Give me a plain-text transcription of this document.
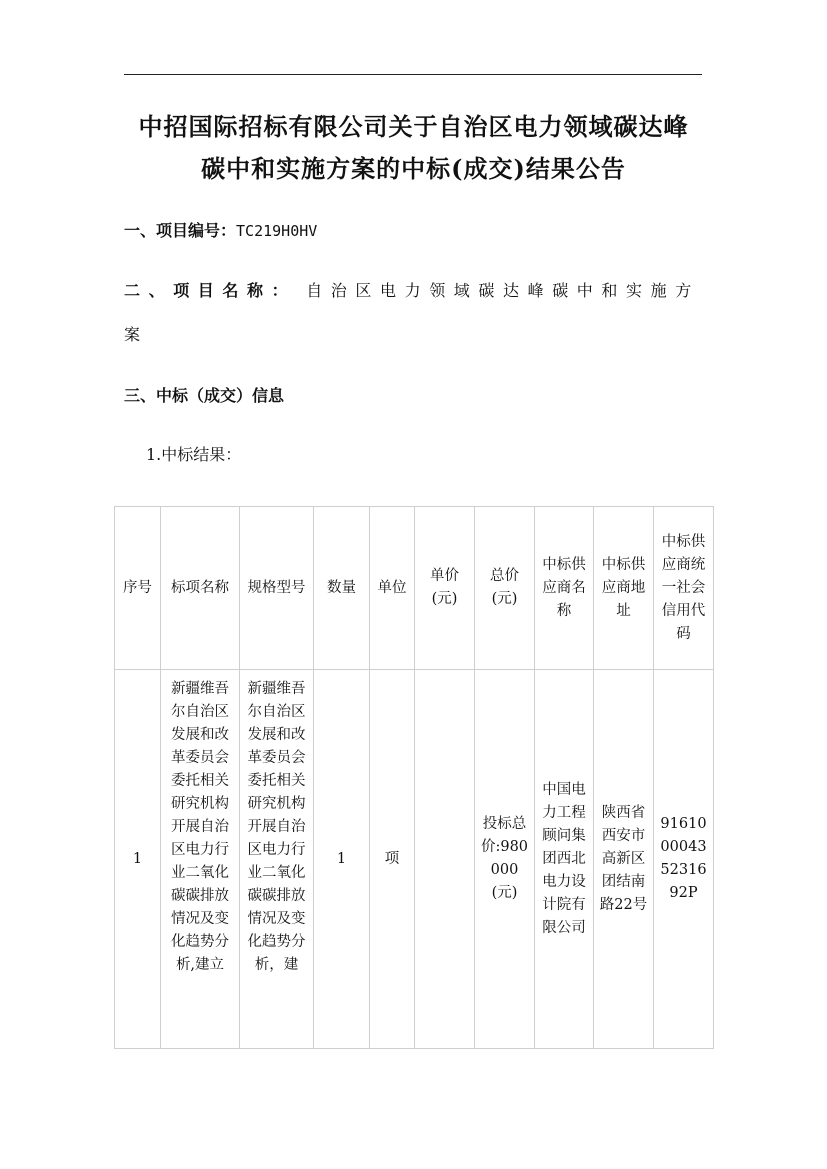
中招国际招标有限公司关于自治区电力领域碳达峰
碳中和实施方案的中标(成交)结果公告
一、项目编号：TC219H0HV
二、项目名称： 自治区电力领域碳达峰碳中和实施方
案
三、中标（成交）信息
1.中标结果：
序号	标项名称	规格型号	数量	单位	单价(元)	总价(元)	中标供应商名称	中标供应商地址	中标供应商统一社会信用代码
1	新疆维吾尔自治区发展和改革委员会委托相关研究机构开展自治区电力行业二氧化碳碳排放情况及变化趋势分析,建立	新疆维吾尔自治区发展和改革委员会委托相关研究机构开展自治区电力行业二氧化碳碳排放情况及变化趋势分析，建	1	项		投标总价:980000(元)	中国电力工程顾问集团西北电力设计院有限公司	陕西省西安市高新区团结南路22号	91610000435231692P
